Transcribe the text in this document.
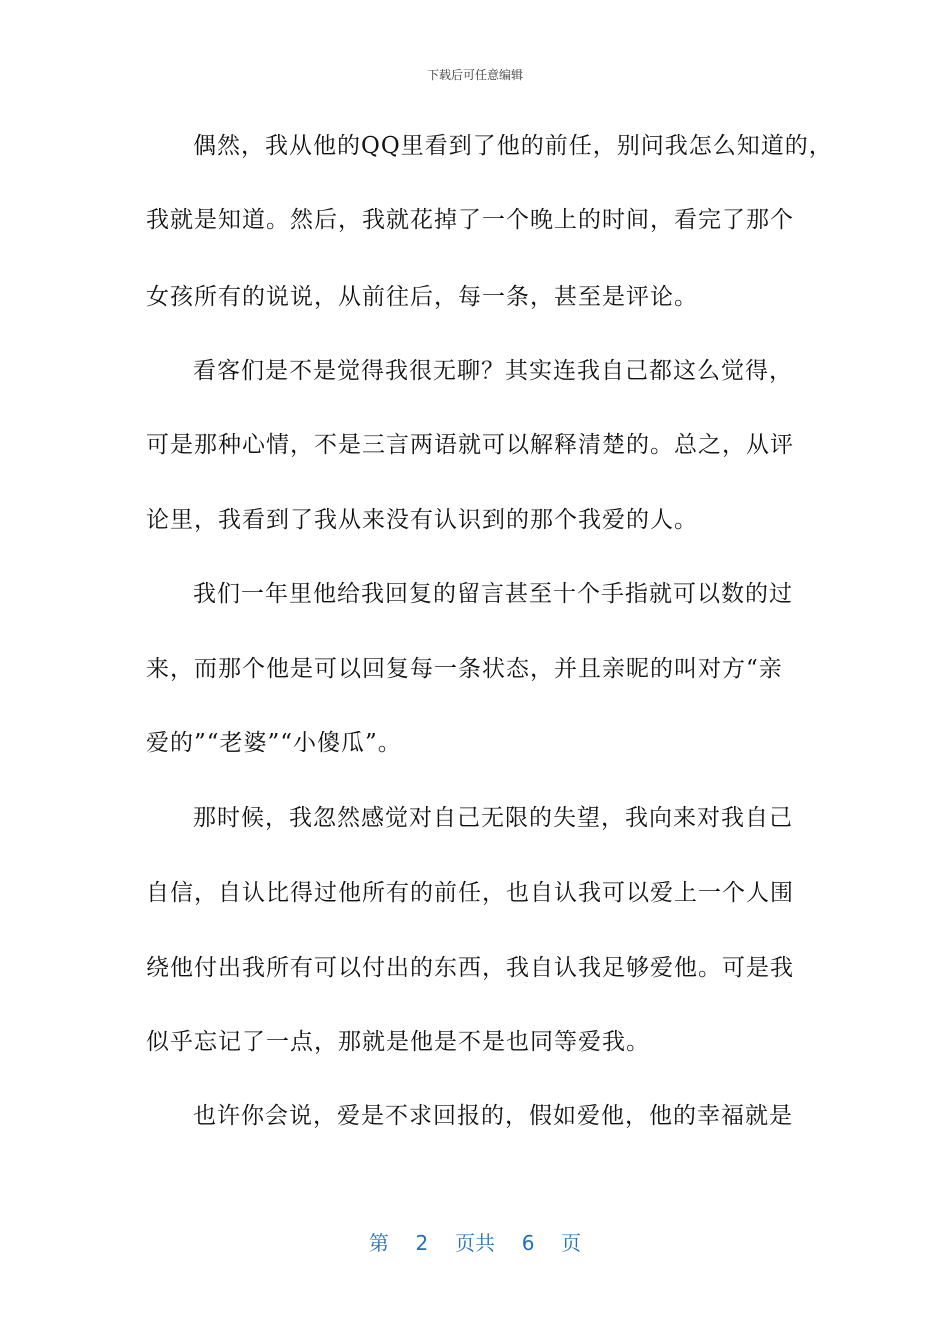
下载后可任意编辑
偶然，我从他的QQ里看到了他的前任，别问我怎么知道的，
我就是知道。然后，我就花掉了一个晚上的时间，看完了那个
女孩所有的说说，从前往后，每一条，甚至是评论。
看客们是不是觉得我很无聊？其实连我自己都这么觉得，
可是那种心情，不是三言两语就可以解释清楚的。总之，从评
论里，我看到了我从来没有认识到的那个我爱的人。
我们一年里他给我回复的留言甚至十个手指就可以数的过
来，而那个他是可以回复每一条状态，并且亲昵的叫对方“亲
爱的”“老婆”“小傻瓜”。
那时候，我忽然感觉对自己无限的失望，我向来对我自己
自信，自认比得过他所有的前任，也自认我可以爱上一个人围
绕他付出我所有可以付出的东西，我自认我足够爱他。可是我
似乎忘记了一点，那就是他是不是也同等爱我。
也许你会说，爱是不求回报的，假如爱他，他的幸福就是
第 2 页共 6 页
